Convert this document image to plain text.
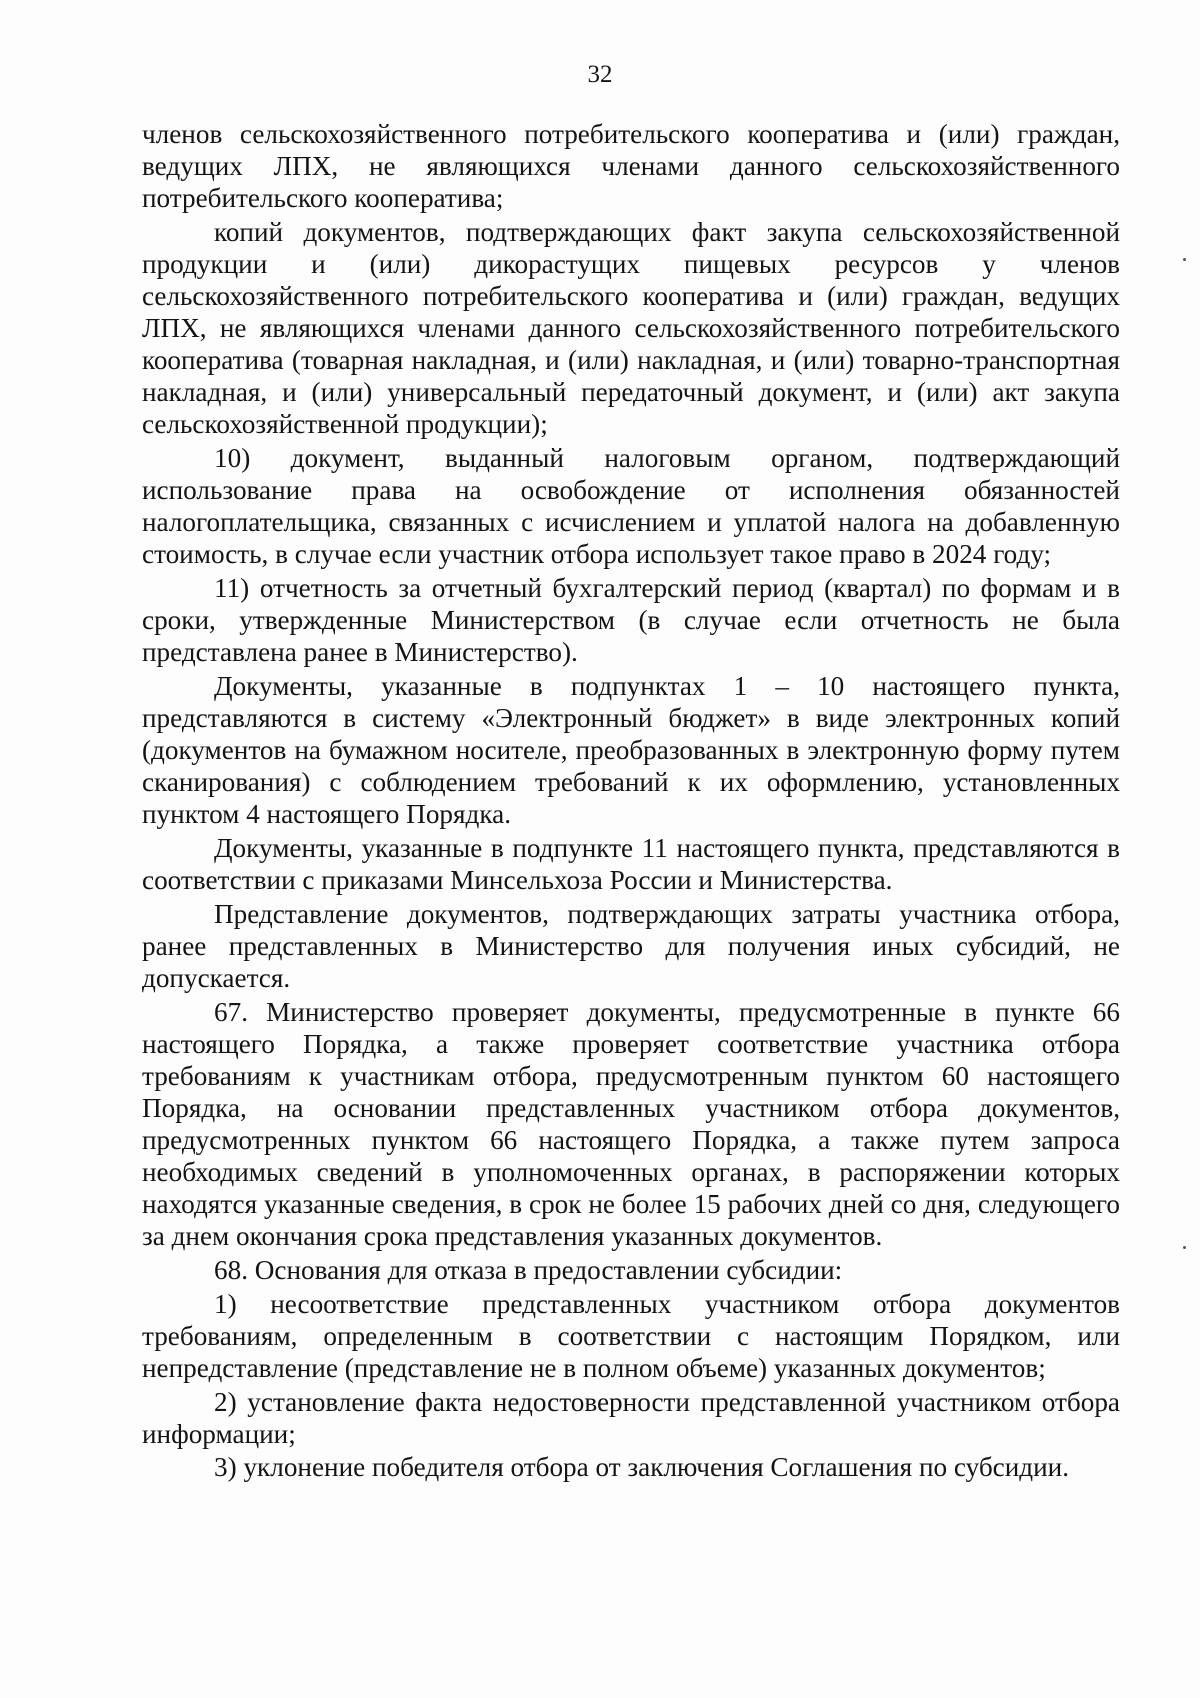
32

членов сельскохозяйственного потребительского кооператива и (или) граждан, ведущих ЛПХ, не являющихся членами данного сельскохозяйственного потребительского кооператива;

копий документов, подтверждающих факт закупа сельскохозяйственной продукции и (или) дикорастущих пищевых ресурсов у членов сельскохозяйственного потребительского кооператива и (или) граждан, ведущих ЛПХ, не являющихся членами данного сельскохозяйственного потребительского кооператива (товарная накладная, и (или) накладная, и (или) товарно-транспортная накладная, и (или) универсальный передаточный документ, и (или) акт закупа сельскохозяйственной продукции);

10) документ, выданный налоговым органом, подтверждающий использование права на освобождение от исполнения обязанностей налогоплательщика, связанных с исчислением и уплатой налога на добавленную стоимость, в случае если участник отбора использует такое право в 2024 году;

11) отчетность за отчетный бухгалтерский период (квартал) по формам и в сроки, утвержденные Министерством (в случае если отчетность не была представлена ранее в Министерство).

Документы, указанные в подпунктах 1 – 10 настоящего пункта, представляются в систему «Электронный бюджет» в виде электронных копий (документов на бумажном носителе, преобразованных в электронную форму путем сканирования) с соблюдением требований к их оформлению, установленных пунктом 4 настоящего Порядка.

Документы, указанные в подпункте 11 настоящего пункта, представляются в соответствии с приказами Минсельхоза России и Министерства.

Представление документов, подтверждающих затраты участника отбора, ранее представленных в Министерство для получения иных субсидий, не допускается.

67. Министерство проверяет документы, предусмотренные в пункте 66 настоящего Порядка, а также проверяет соответствие участника отбора требованиям к участникам отбора, предусмотренным пунктом 60 настоящего Порядка, на основании представленных участником отбора документов, предусмотренных пунктом 66 настоящего Порядка, а также путем запроса необходимых сведений в уполномоченных органах, в распоряжении которых находятся указанные сведения, в срок не более 15 рабочих дней со дня, следующего за днем окончания срока представления указанных документов.

68. Основания для отказа в предоставлении субсидии:

1) несоответствие представленных участником отбора документов требованиям, определенным в соответствии с настоящим Порядком, или непредставление (представление не в полном объеме) указанных документов;

2) установление факта недостоверности представленной участником отбора информации;

3) уклонение победителя отбора от заключения Соглашения по субсидии.
